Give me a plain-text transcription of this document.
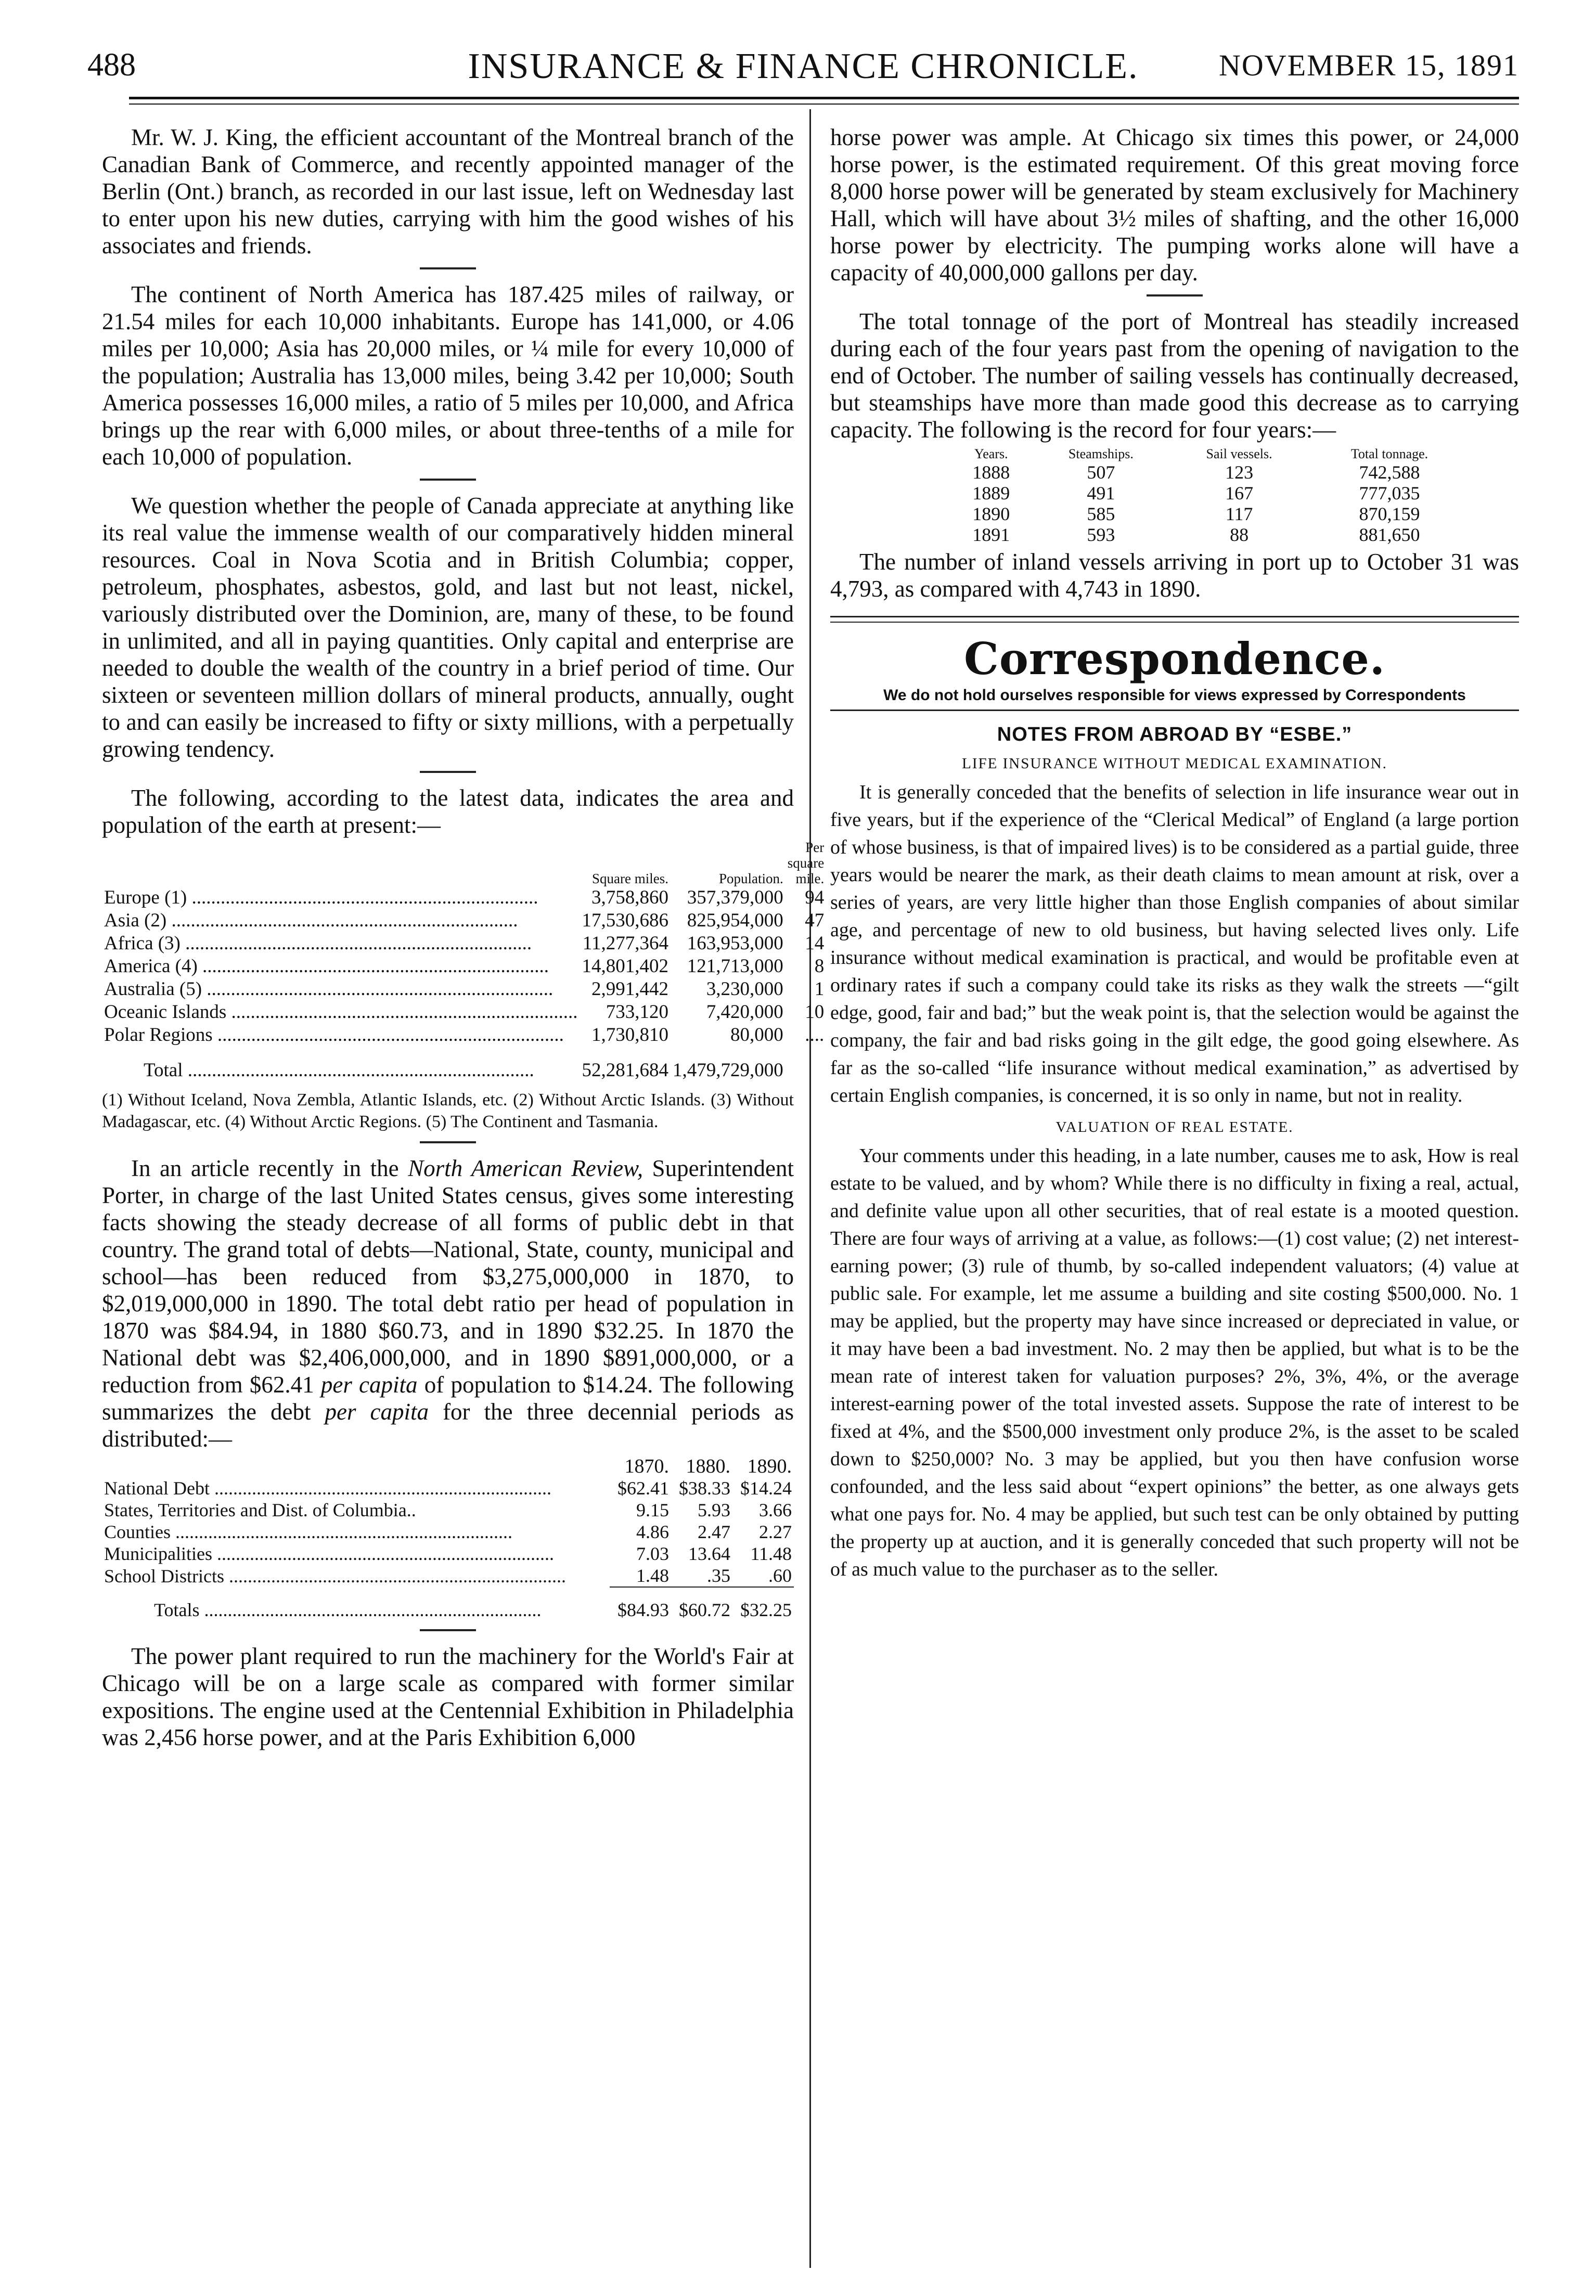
488	INSURANCE & FINANCE CHRONICLE.	NOVEMBER 15, 1891

Mr. W. J. King, the efficient accountant of the Montreal branch of the Canadian Bank of Commerce, and recently appointed manager of the Berlin (Ont.) branch, as recorded in our last issue, left on Wednesday last to enter upon his new duties, carrying with him the good wishes of his associates and friends.

The continent of North America has 187.425 miles of railway, or 21.54 miles for each 10,000 inhabitants. Europe has 141,000, or 4.06 miles per 10,000; Asia has 20,000 miles, or ¼ mile for every 10,000 of the population; Australia has 13,000 miles, being 3.42 per 10,000; South America possesses 16,000 miles, a ratio of 5 miles per 10,000, and Africa brings up the rear with 6,000 miles, or about three-tenths of a mile for each 10,000 of population.

We question whether the people of Canada appreciate at anything like its real value the immense wealth of our comparatively hidden mineral resources. Coal in Nova Scotia and in British Columbia; copper, petroleum, phosphates, asbestos, gold, and last but not least, nickel, variously distributed over the Dominion, are, many of these, to be found in unlimited, and all in paying quantities. Only capital and enterprise are needed to double the wealth of the country in a brief period of time. Our sixteen or seventeen million dollars of mineral products, annually, ought to and can easily be increased to fifty or sixty millions, with a perpetually growing tendency.

The following, according to the latest data, indicates the area and population of the earth at present:—

	Square miles.	Population.	Per square mile.
Europe (1) .....	3,758,860	357,379,000	94
Asia (2) .....	17,530,686	825,954,000	47
Africa (3) .....	11,277,364	163,953,000	14
America (4) .....	14,801,402	121,713,000	8
Australia (5) .....	2,991,442	3,230,000	1
Oceanic Islands .....	733,120	7,420,000	10
Polar Regions .....	1,730,810	80,000	....
Total .....	52,281,684	1,479,729,000	

(1) Without Iceland, Nova Zembla, Atlantic Islands, etc. (2) Without Arctic Islands. (3) Without Madagascar, etc. (4) Without Arctic Regions. (5) The Continent and Tasmania.

In an article recently in the North American Review, Superintendent Porter, in charge of the last United States census, gives some interesting facts showing the steady decrease of all forms of public debt in that country. The grand total of debts—National, State, county, municipal and school—has been reduced from $3,275,000,000 in 1870, to $2,019,000,000 in 1890. The total debt ratio per head of population in 1870 was $84.94, in 1880 $60.73, and in 1890 $32.25. In 1870 the National debt was $2,406,000,000, and in 1890 $891,000,000, or a reduction from $62.41 per capita of population to $14.24. The following summarizes the debt per capita for the three decennial periods as distributed:—

	1870.	1880.	1890.
National Debt .....	$62.41	$38.33	$14.24
States, Territories and Dist. of Columbia..	9.15	5.93	3.66
Counties .....	4.86	2.47	2.27
Municipalities .....	7.03	13.64	11.48
School Districts .....	1.48	.35	.60
Totals .....	$84.93	$60.72	$32.25

The power plant required to run the machinery for the World's Fair at Chicago will be on a large scale as compared with former similar expositions. The engine used at the Centennial Exhibition in Philadelphia was 2,456 horse power, and at the Paris Exhibition 6,000

horse power was ample. At Chicago six times this power, or 24,000 horse power, is the estimated requirement. Of this great moving force 8,000 horse power will be generated by steam exclusively for Machinery Hall, which will have about 3½ miles of shafting, and the other 16,000 horse power by electricity. The pumping works alone will have a capacity of 40,000,000 gallons per day.

The total tonnage of the port of Montreal has steadily increased during each of the four years past from the opening of navigation to the end of October. The number of sailing vessels has continually decreased, but steamships have more than made good this decrease as to carrying capacity. The following is the record for four years:—

Years.	Steamships.	Sail vessels.	Total tonnage.
1888	507	123	742,588
1889	491	167	777,035
1890	585	117	870,159
1891	593	88	881,650

The number of inland vessels arriving in port up to October 31 was 4,793, as compared with 4,743 in 1890.

Correspondence.
We do not hold ourselves responsible for views expressed by Correspondents
NOTES FROM ABROAD BY “ESBE.”
LIFE INSURANCE WITHOUT MEDICAL EXAMINATION.

It is generally conceded that the benefits of selection in life insurance wear out in five years, but if the experience of the “Clerical Medical” of England (a large portion of whose business, is that of impaired lives) is to be considered as a partial guide, three years would be nearer the mark, as their death claims to mean amount at risk, over a series of years, are very little higher than those English companies of about similar age, and percentage of new to old business, but having selected lives only. Life insurance without medical examination is practical, and would be profitable even at ordinary rates if such a company could take its risks as they walk the streets —“gilt edge, good, fair and bad;” but the weak point is, that the selection would be against the company, the fair and bad risks going in the gilt edge, the good going elsewhere. As far as the so-called “life insurance without medical examination,” as advertised by certain English companies, is concerned, it is so only in name, but not in reality.

VALUATION OF REAL ESTATE.

Your comments under this heading, in a late number, causes me to ask, How is real estate to be valued, and by whom? While there is no difficulty in fixing a real, actual, and definite value upon all other securities, that of real estate is a mooted question. There are four ways of arriving at a value, as follows:—(1) cost value; (2) net interest-earning power; (3) rule of thumb, by so-called independent valuators; (4) value at public sale. For example, let me assume a building and site costing $500,000. No. 1 may be applied, but the property may have since increased or depreciated in value, or it may have been a bad investment. No. 2 may then be applied, but what is to be the mean rate of interest taken for valuation purposes? 2%, 3%, 4%, or the average interest-earning power of the total invested assets. Suppose the rate of interest to be fixed at 4%, and the $500,000 investment only produce 2%, is the asset to be scaled down to $250,000? No. 3 may be applied, but you then have confusion worse confounded, and the less said about “expert opinions” the better, as one always gets what one pays for. No. 4 may be applied, but such test can be only obtained by putting the property up at auction, and it is generally conceded that such property will not be of as much value to the purchaser as to the seller.
